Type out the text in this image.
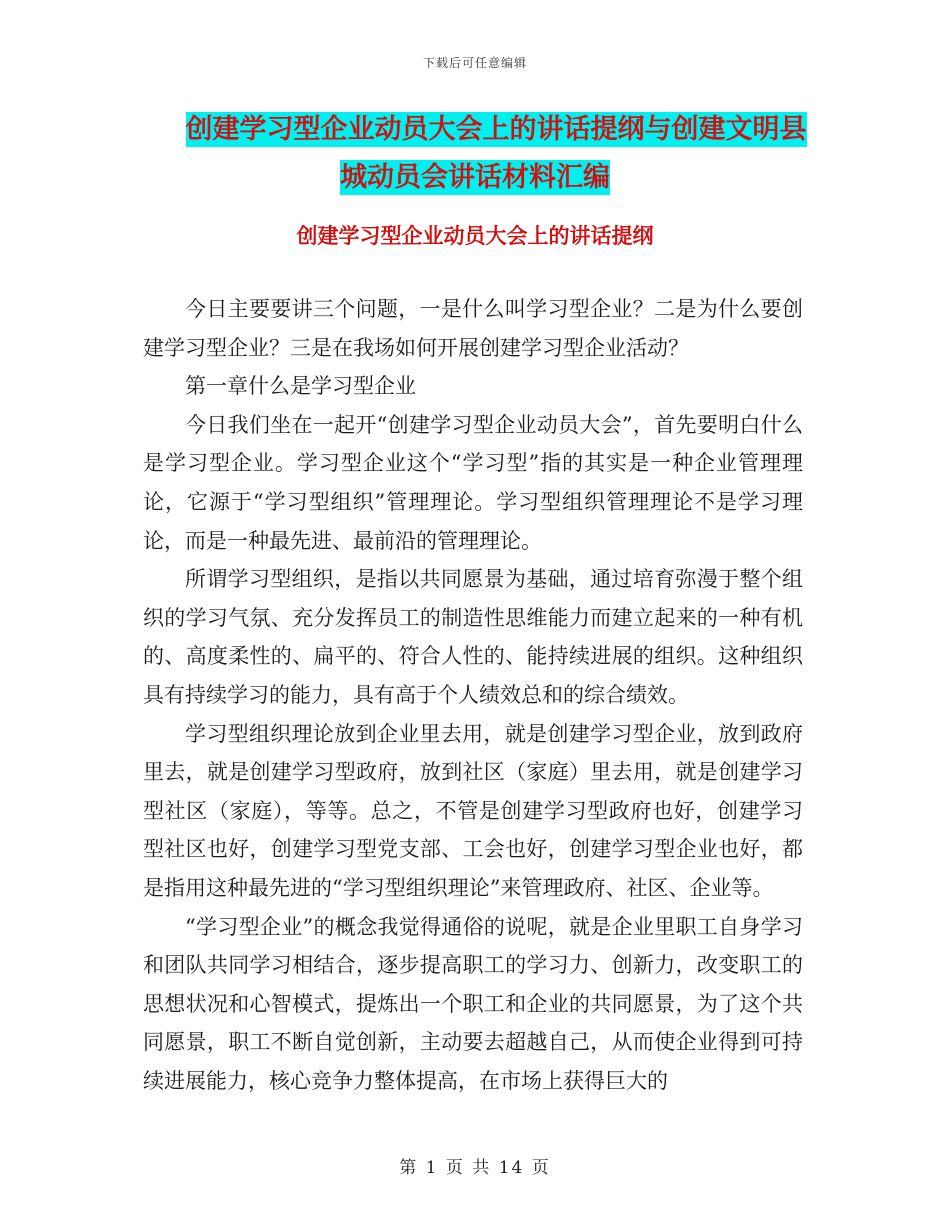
下载后可任意编辑
创建学习型企业动员大会上的讲话提纲与创建文明县
城动员会讲话材料汇编
创建学习型企业动员大会上的讲话提纲

今日主要要讲三个问题，一是什么叫学习型企业？二是为什么要创建学习型企业？三是在我场如何开展创建学习型企业活动？

第一章什么是学习型企业

今日我们坐在一起开“创建学习型企业动员大会”，首先要明白什么是学习型企业。学习型企业这个“学习型”指的其实是一种企业管理理论，它源于“学习型组织”管理理论。学习型组织管理理论不是学习理论，而是一种最先进、最前沿的管理理论。

所谓学习型组织，是指以共同愿景为基础，通过培育弥漫于整个组织的学习气氛、充分发挥员工的制造性思维能力而建立起来的一种有机的、高度柔性的、扁平的、符合人性的、能持续进展的组织。这种组织具有持续学习的能力，具有高于个人绩效总和的综合绩效。

学习型组织理论放到企业里去用，就是创建学习型企业，放到政府里去，就是创建学习型政府，放到社区（家庭）里去用，就是创建学习型社区（家庭），等等。总之，不管是创建学习型政府也好，创建学习型社区也好，创建学习型党支部、工会也好，创建学习型企业也好，都是指用这种最先进的“学习型组织理论”来管理政府、社区、企业等。

“学习型企业”的概念我觉得通俗的说呢，就是企业里职工自身学习和团队共同学习相结合，逐步提高职工的学习力、创新力，改变职工的思想状况和心智模式，提炼出一个职工和企业的共同愿景，为了这个共同愿景，职工不断自觉创新，主动要去超越自己，从而使企业得到可持续进展能力，核心竞争力整体提高，在市场上获得巨大的

第 1 页 共 14 页
